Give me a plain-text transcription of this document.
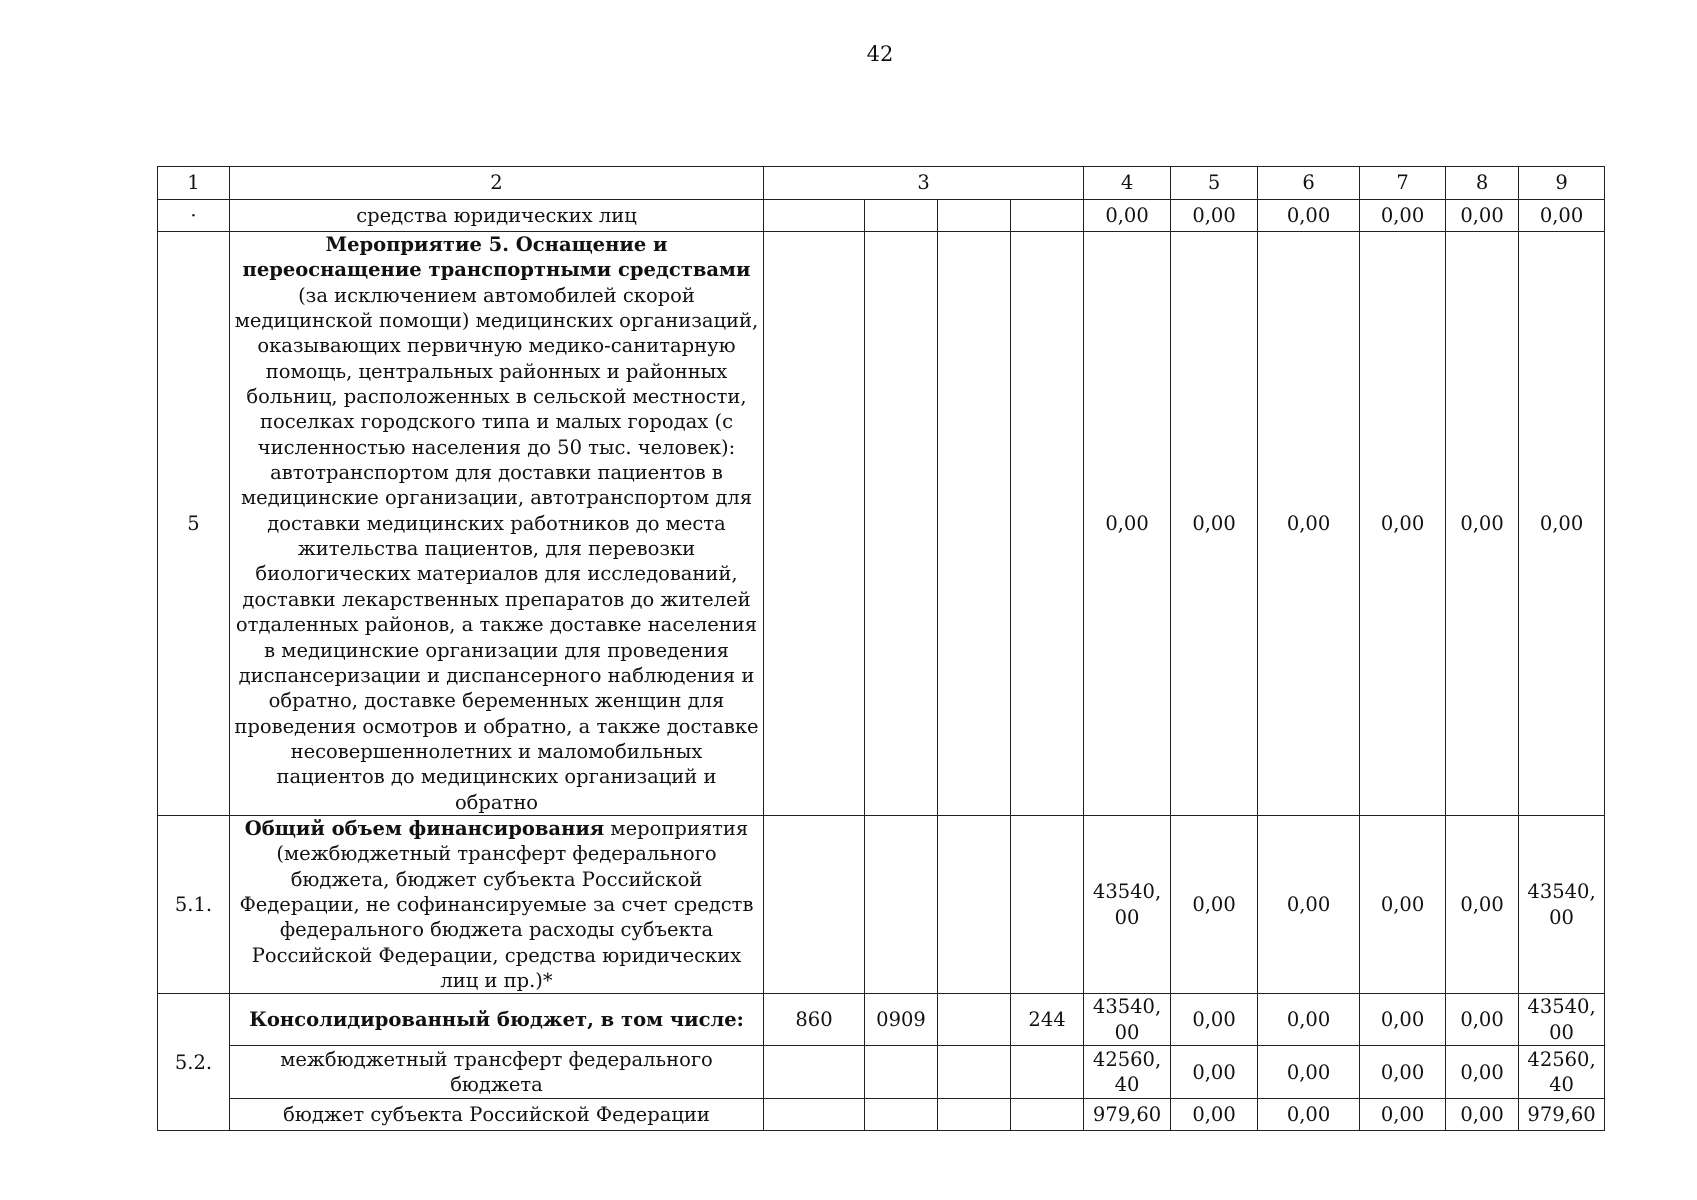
42
1	2	3				4	5	6	7	8	9
·	средства юридических лиц					0,00	0,00	0,00	0,00	0,00	0,00
5	Мероприятие 5. Оснащение и переоснащение транспортными средствами (за исключением автомобилей скорой медицинской помощи) медицинских организаций, оказывающих первичную медико-санитарную помощь, центральных районных и районных больниц, расположенных в сельской местности, поселках городского типа и малых городах (с численностью населения до 50 тыс. человек): автотранспортом для доставки пациентов в медицинские организации, автотранспортом для доставки медицинских работников до места жительства пациентов, для перевозки биологических материалов для исследований, доставки лекарственных препаратов до жителей отдаленных районов, а также доставке населения в медицинские организации для проведения диспансеризации и диспансерного наблюдения и обратно, доставке беременных женщин для проведения осмотров и обратно, а также доставке несовершеннолетних и маломобильных пациентов до медицинских организаций и обратно					0,00	0,00	0,00	0,00	0,00	0,00
5.1.	Общий объем финансирования мероприятия (межбюджетный трансферт федерального бюджета, бюджет субъекта Российской Федерации, не софинансируемые за счет средств федерального бюджета расходы субъекта Российской Федерации, средства юридических лиц и пр.)*					43540, 00	0,00	0,00	0,00	0,00	43540, 00
5.2.	Консолидированный бюджет, в том числе:	860	0909		244	43540, 00	0,00	0,00	0,00	0,00	43540, 00
	межбюджетный трансферт федерального бюджета					42560, 40	0,00	0,00	0,00	0,00	42560, 40
	бюджет субъекта Российской Федерации					979,60	0,00	0,00	0,00	0,00	979,60
